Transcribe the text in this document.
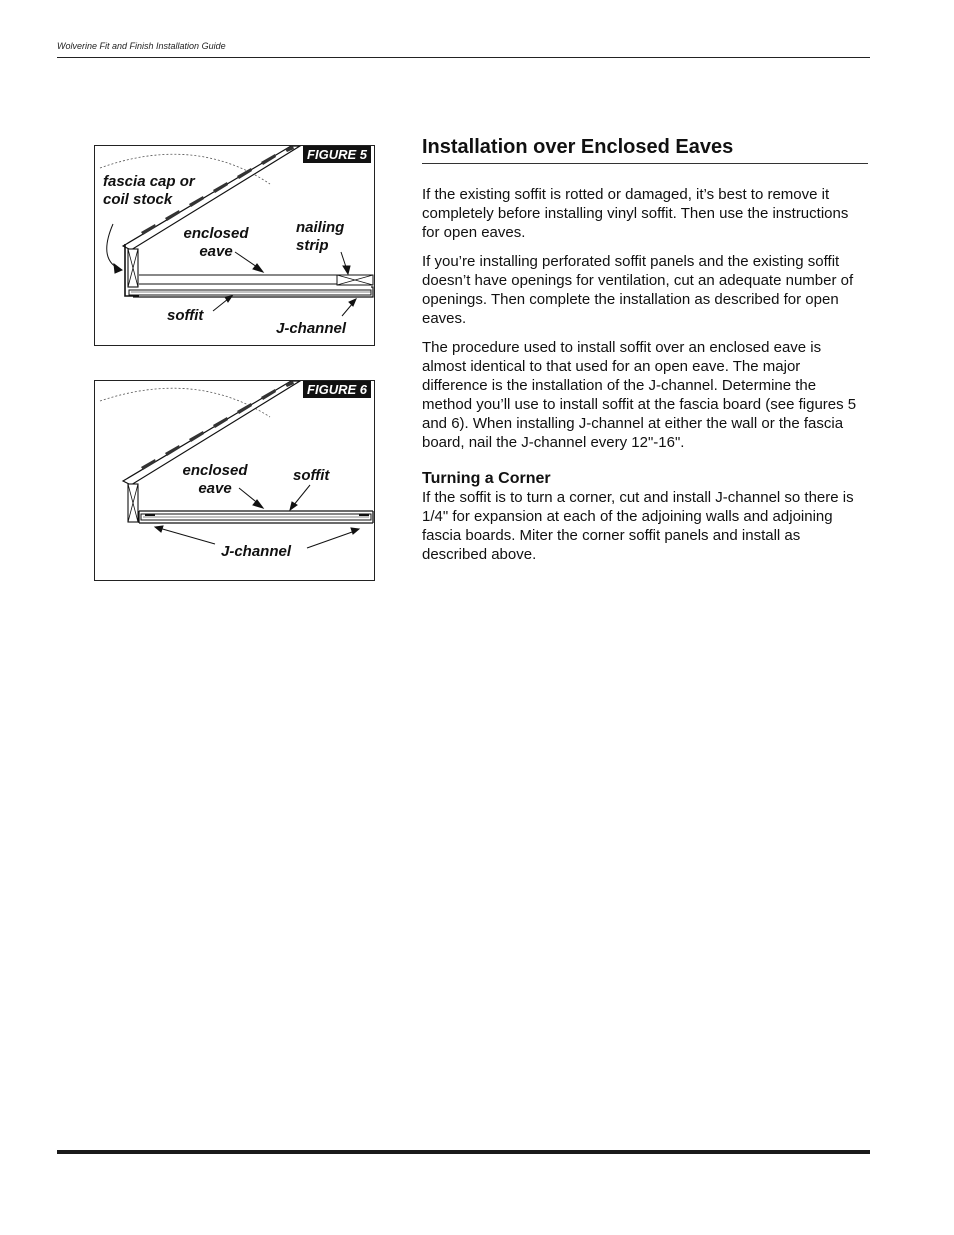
Wolverine Fit and Finish Installation Guide
FIGURE 5
fascia cap or
coil stock
enclosed
eave
nailing
strip
soffit
J-channel
FIGURE 6
enclosed
eave
soffit
J-channel
Installation over Enclosed Eaves

If the existing soffit is rotted or damaged, it’s best to remove it completely before installing vinyl soffit. Then use the instructions for open eaves.

If you’re installing perforated soffit panels and the existing soffit doesn’t have openings for ventilation, cut an adequate number of openings. Then complete the installation as described for open eaves.

The procedure used to install soffit over an enclosed eave is almost identical to that used for an open eave. The major difference is the installation of the J-channel. Determine the method you’ll use to install soffit at the fascia board (see figures 5 and 6). When installing J-channel at either the wall or the fascia board, nail the J-channel every 12"-16".

Turning a Corner

If the soffit is to turn a corner, cut and install J-channel so there is 1/4" for expansion at each of the adjoining walls and adjoining fascia boards. Miter the corner soffit panels and install as described above.
